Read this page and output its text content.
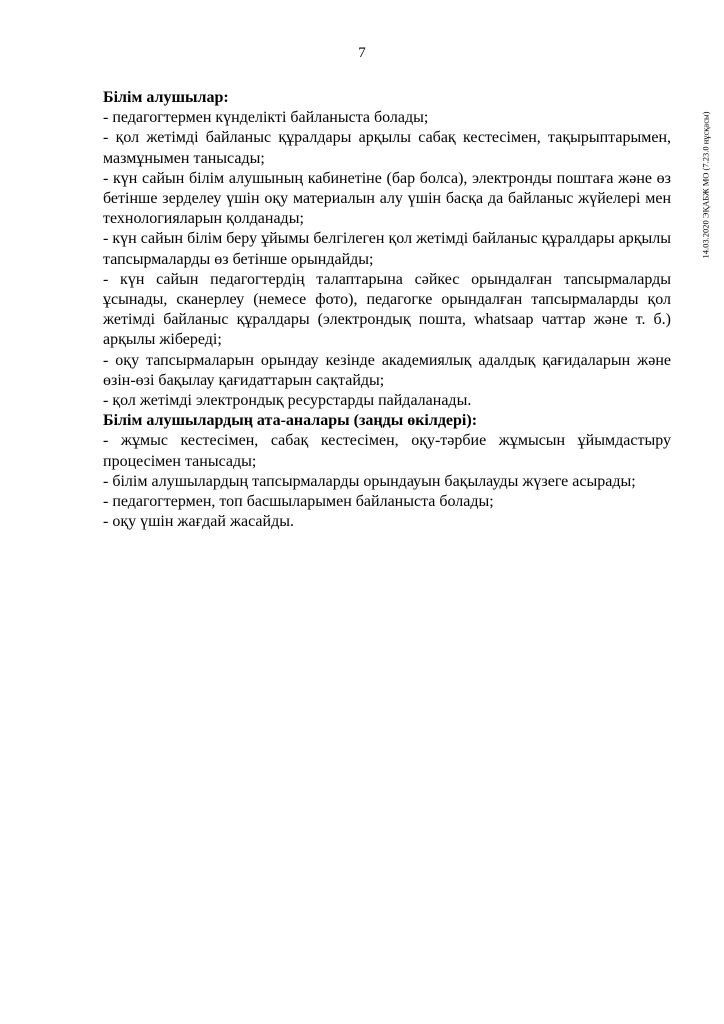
7
14.03.2020 ЭҚАБЖ МО (7.23.0 нұсқасы)

Білім алушылар:

- педагогтермен күнделікті байланыста болады;

- қол жетімді байланыс құралдары арқылы сабақ кестесімен, тақырыптарымен, мазмұнымен танысады;

- күн сайын білім алушының кабинетіне (бар болса), электронды поштаға және өз бетінше зерделеу үшін оқу материалын алу үшін басқа да байланыс жүйелері мен технологияларын қолданады;

- күн сайын білім беру ұйымы белгілеген қол жетімді байланыс құралдары арқылы тапсырмаларды өз бетінше орындайды;

- күн сайын педагогтердің талаптарына сәйкес орындалған тапсырмаларды ұсынады, сканерлеу (немесе фото), педагогке орындалған тапсырмаларды қол жетімді байланыс құралдары (электрондық пошта, whatsaap чаттар және т. б.) арқылы жібереді;

- оқу тапсырмаларын орындау кезінде академиялық адалдық қағидаларын және өзін-өзі бақылау қағидаттарын сақтайды;

- қол жетімді электрондық ресурстарды пайдаланады.

Білім алушылардың ата-аналары (заңды өкілдері):

- жұмыс кестесімен, сабақ кестесімен, оқу-тәрбие жұмысын ұйымдастыру процесімен танысады;

- білім алушылардың тапсырмаларды орындауын бақылауды жүзеге асырады;

- педагогтермен, топ басшыларымен байланыста болады;

- оқу үшін жағдай жасайды.
